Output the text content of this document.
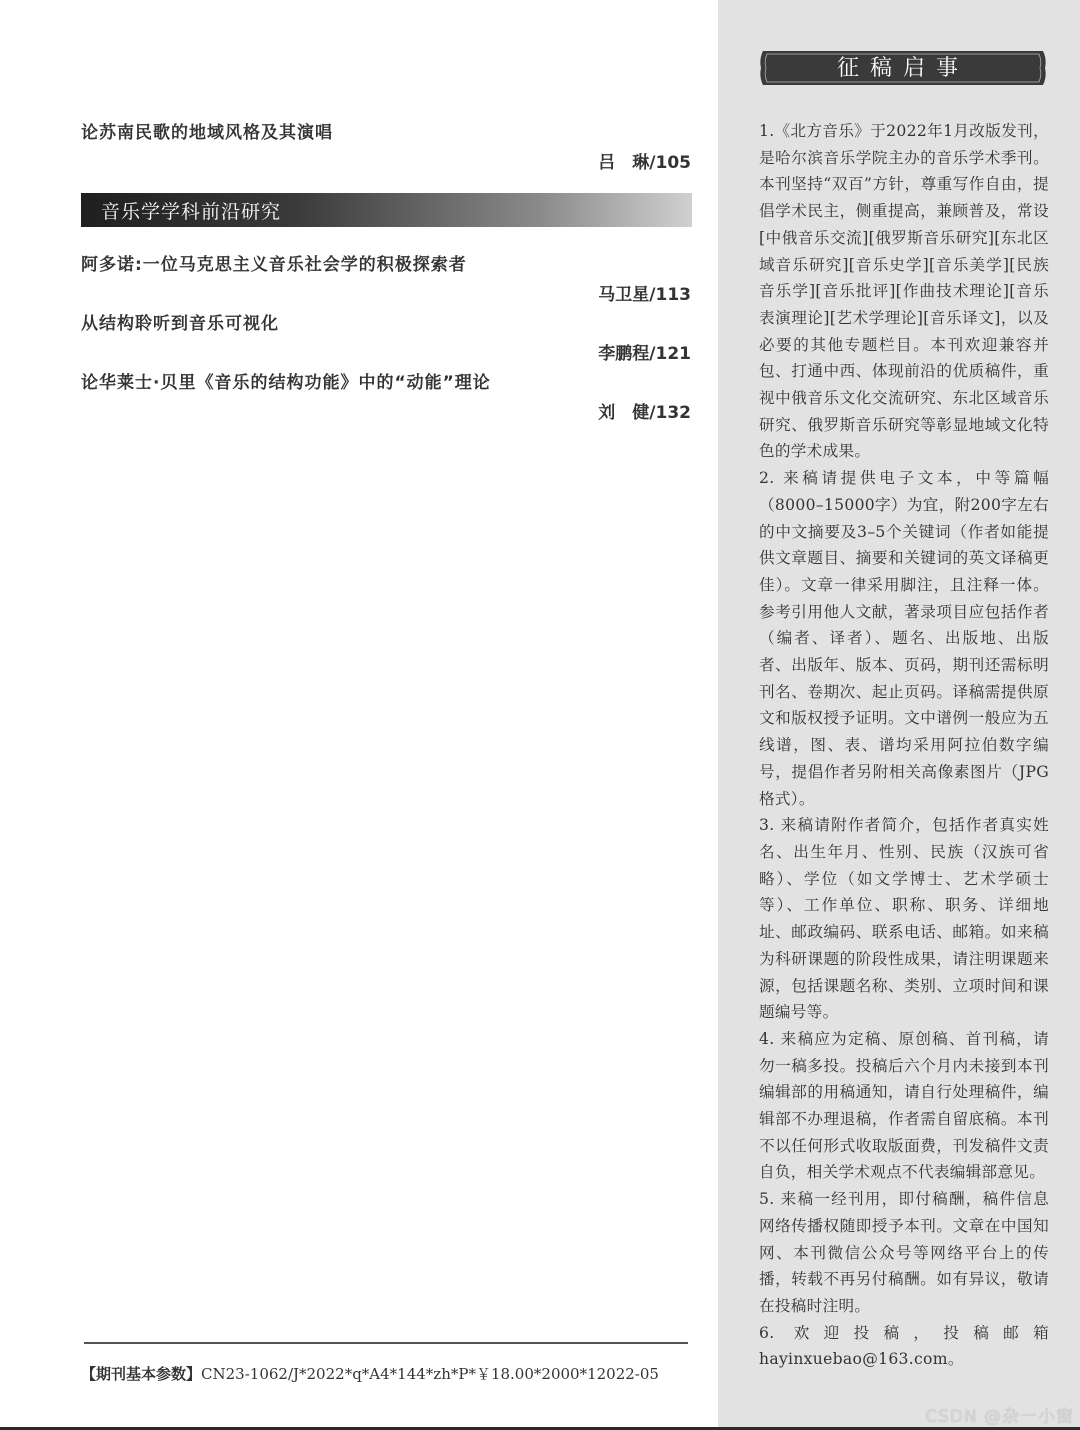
论苏南民歌的地域风格及其演唱
吕　琳/105
音乐学学科前沿研究
阿多诺:一位马克思主义音乐社会学的积极探索者
马卫星/113
从结构聆听到音乐可视化
李鹏程/121
论华莱士·贝里《音乐的结构功能》中的“动能”理论
刘　健/132
【期刊基本参数】CN23-1062/J*2022*q*A4*144*zh*P*￥18.00*2000*12022-05
征稿启事

1.《北方音乐》于2022年1月改版发刊，是哈尔滨音乐学院主办的音乐学术季刊。本刊坚持“双百”方针，尊重写作自由，提倡学术民主，侧重提高，兼顾普及，常设[中俄音乐交流][俄罗斯音乐研究][东北区域音乐研究][音乐史学][音乐美学][民族音乐学][音乐批评][作曲技术理论][音乐表演理论][艺术学理论][音乐译文]，以及必要的其他专题栏目。本刊欢迎兼容并包、打通中西、体现前沿的优质稿件，重视中俄音乐文化交流研究、东北区域音乐研究、俄罗斯音乐研究等彰显地域文化特色的学术成果。

2. 来稿请提供电子文本，中等篇幅（8000–15000字）为宜，附200字左右的中文摘要及3–5个关键词（作者如能提供文章题目、摘要和关键词的英文译稿更佳）。文章一律采用脚注，且注释一体。参考引用他人文献，著录项目应包括作者（编者、译者）、题名、出版地、出版者、出版年、版本、页码，期刊还需标明刊名、卷期次、起止页码。译稿需提供原文和版权授予证明。文中谱例一般应为五线谱，图、表、谱均采用阿拉伯数字编号，提倡作者另附相关高像素图片（JPG格式）。

3. 来稿请附作者简介，包括作者真实姓名、出生年月、性别、民族（汉族可省略）、学位（如文学博士、艺术学硕士等）、工作单位、职称、职务、详细地址、邮政编码、联系电话、邮箱。如来稿为科研课题的阶段性成果，请注明课题来源，包括课题名称、类别、立项时间和课题编号等。

4. 来稿应为定稿、原创稿、首刊稿，请勿一稿多投。投稿后六个月内未接到本刊编辑部的用稿通知，请自行处理稿件，编辑部不办理退稿，作者需自留底稿。本刊不以任何形式收取版面费，刊发稿件文责自负，相关学术观点不代表编辑部意见。

5. 来稿一经刊用，即付稿酬，稿件信息网络传播权随即授予本刊。文章在中国知网、本刊微信公众号等网络平台上的传播，转载不再另付稿酬。如有异议，敬请在投稿时注明。

6. 欢迎投稿，投稿邮箱 hayinxuebao@163.com。

CSDN @杂一小窗
